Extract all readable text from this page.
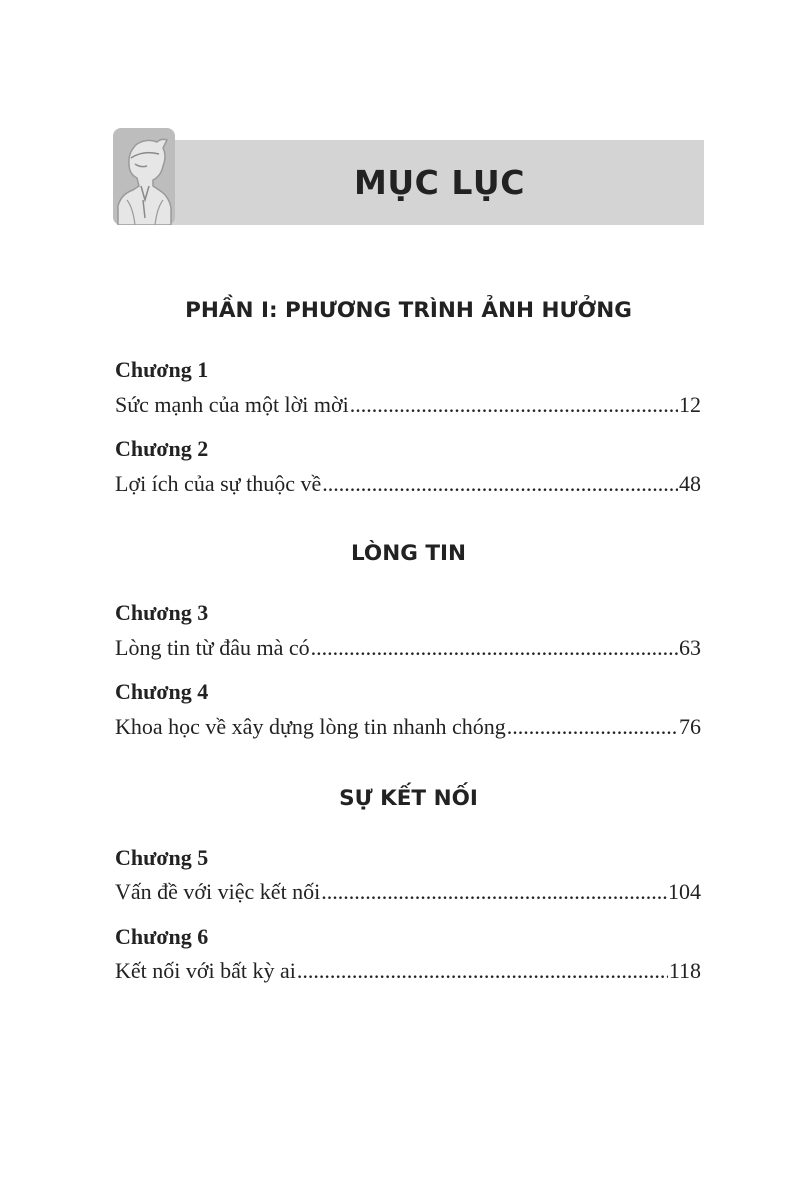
MỤC LỤC
PHẦN I: PHƯƠNG TRÌNH ẢNH HƯỞNG
Chương 1
Sức mạnh của một lời mời .....	12
Chương 2
Lợi ích của sự thuộc về .....	48
LÒNG TIN
Chương 3
Lòng tin từ đâu mà có .....	63
Chương 4
Khoa học về xây dựng lòng tin nhanh chóng .....	76
SỰ KẾT NỐI
Chương 5
Vấn đề với việc kết nối .....	104
Chương 6
Kết nối với bất kỳ ai .....	118
